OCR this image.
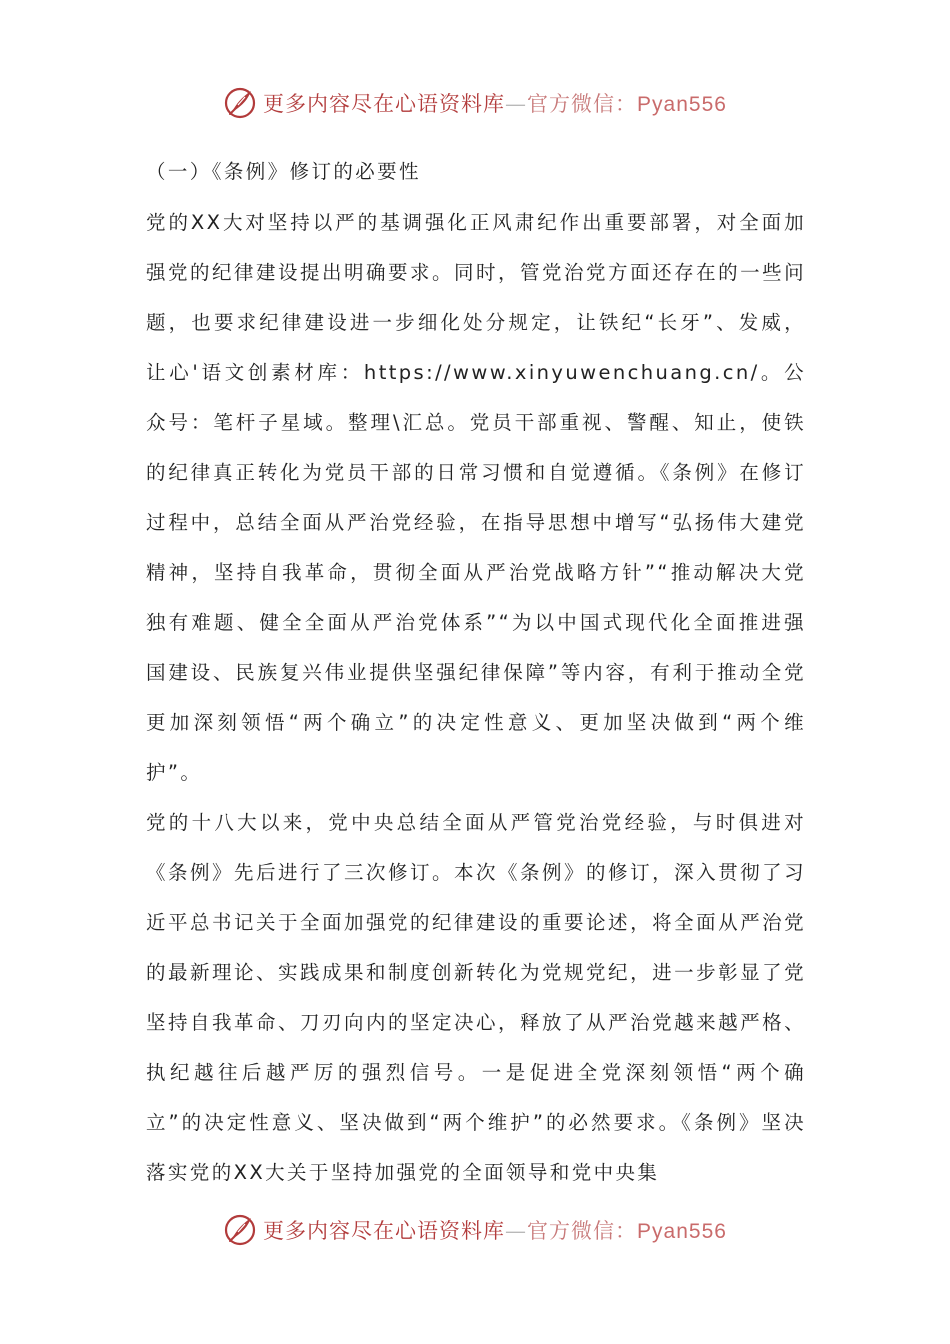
更多内容尽在心语资料库—官方微信：Pyan556

（一）《条例》修订的必要性

党的XX大对坚持以严的基调强化正风肃纪作出重要部署，对全面加强党的纪律建设提出明确要求。同时，管党治党方面还存在的一些问题，也要求纪律建设进一步细化处分规定，让铁纪“长牙”、发威，让心'语文创素材库：https://www.xinyuwenchuang.cn/。公众号：笔杆子星域。整理\汇总。党员干部重视、警醒、知止，使铁的纪律真正转化为党员干部的日常习惯和自觉遵循。《条例》在修订过程中，总结全面从严治党经验，在指导思想中增写“弘扬伟大建党精神，坚持自我革命，贯彻全面从严治党战略方针”“推动解决大党独有难题、健全全面从严治党体系”“为以中国式现代化全面推进强国建设、民族复兴伟业提供坚强纪律保障”等内容，有利于推动全党更加深刻领悟“两个确立”的决定性意义、更加坚决做到“两个维护”。

党的十八大以来，党中央总结全面从严管党治党经验，与时俱进对《条例》先后进行了三次修订。本次《条例》的修订，深入贯彻了习近平总书记关于全面加强党的纪律建设的重要论述，将全面从严治党的最新理论、实践成果和制度创新转化为党规党纪，进一步彰显了党坚持自我革命、刀刃向内的坚定决心，释放了从严治党越来越严格、执纪越往后越严厉的强烈信号。一是促进全党深刻领悟“两个确立”的决定性意义、坚决做到“两个维护”的必然要求。《条例》坚决落实党的XX大关于坚持加强党的全面领导和党中央集

更多内容尽在心语资料库—官方微信：Pyan556
